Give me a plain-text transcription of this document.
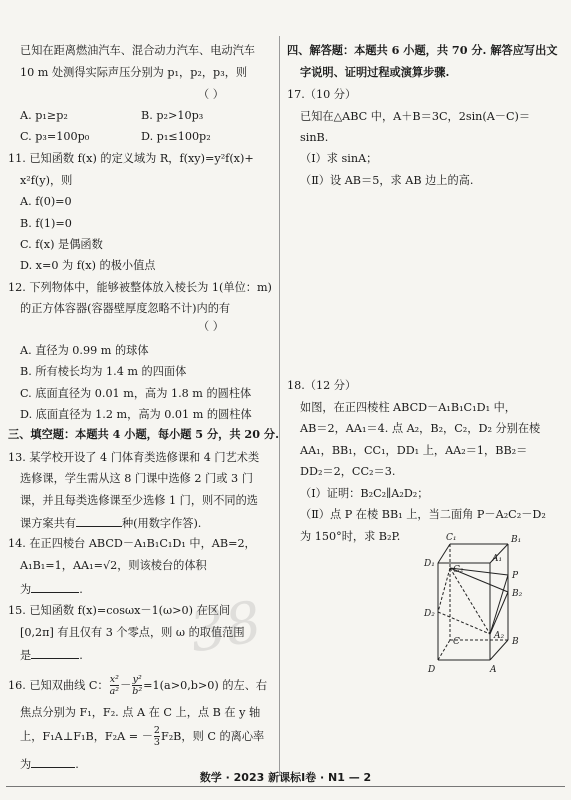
已知在距离燃油汽车、混合动力汽车、电动汽车
10 m 处测得实际声压分别为 p₁，p₂，p₃，则
（ ）
A. p₁≥p₂	B. p₂>10p₃
C. p₃=100p₀	D. p₁≤100p₂
11. 已知函数 f(x) 的定义域为 R，f(xy)=y²f(x)+
x²f(y)，则
A. f(0)=0
B. f(1)=0
C. f(x) 是偶函数
D. x=0 为 f(x) 的极小值点
12. 下列物体中，能够被整体放入棱长为 1(单位：m)
的正方体容器(容器壁厚度忽略不计)内的有
（ ）
A. 直径为 0.99 m 的球体
B. 所有棱长均为 1.4 m 的四面体
C. 底面直径为 0.01 m，高为 1.8 m 的圆柱体
D. 底面直径为 1.2 m，高为 0.01 m 的圆柱体
三、填空题：本题共 4 小题，每小题 5 分，共 20 分.
13. 某学校开设了 4 门体育类选修课和 4 门艺术类
选修课，学生需从这 8 门课中选修 2 门或 3 门
课，并且每类选修课至少选修 1 门，则不同的选
课方案共有	种(用数字作答).
14. 在正四棱台 ABCD－A₁B₁C₁D₁ 中，AB=2，
A₁B₁=1，AA₁=√2，则该棱台的体积
为	.
15. 已知函数 f(x)=cosωx－1(ω>0) 在区间
[0,2π] 有且仅有 3 个零点，则 ω 的取值范围
是	.
16. 已知双曲线 C： $\frac{\text{x²}}{\text{a²}} - \frac{\text{y²}}{\text{b²}} =1(a>0,b>0)$ 的左、右
焦点分别为 F₁，F₂. 点 A 在 C 上，点 B 在 y 轴
上，F₁A⊥F₁B，F₂A = － $\frac{2}{3} F_2B$，则 C 的离心率
为	.
四、解答题：本题共 6 小题，共 70 分. 解答应写出文
字说明、证明过程或演算步骤.
17.（10 分）
已知在△ABC 中，A＋B＝3C，2sin(A－C)＝
sinB.
（Ⅰ）求 sinA；
（Ⅱ）设 AB＝5，求 AB 边上的高.
18.（12 分）
如图，在正四棱柱 ABCD－A₁B₁C₁D₁ 中，
AB＝2，AA₁＝4. 点 A₂，B₂，C₂，D₂ 分别在棱
AA₁，BB₁，CC₁，DD₁ 上，AA₂＝1，BB₂＝
DD₂＝2，CC₂＝3.
（Ⅰ）证明：B₂C₂∥A₂D₂；
（Ⅱ）点 P 在棱 BB₁ 上，当二面角 P－A₂C₂－D₂
为 150°时，求 B₂P.	C₁	B₁
D₁	A₁
C₂
P
B₂
D₂
C	B
A₂
D	A
38
数学 · 2023 新课标Ⅰ卷 · N1 — 2
